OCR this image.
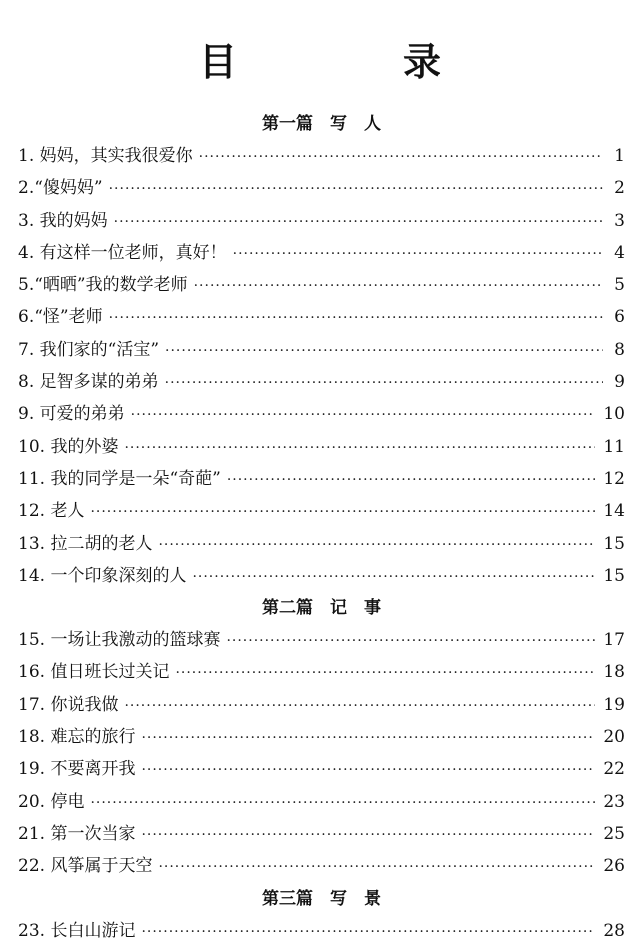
目　录
第一篇　写　人
1. 妈妈，其实我很爱你 ·····	1
2.“傻妈妈” ·····	2
3. 我的妈妈 ·····	3
4. 有这样一位老师，真好！ ·····	4
5.“晒晒”我的数学老师 ·····	5
6.“怪”老师 ·····	6
7. 我们家的“活宝” ·····	8
8. 足智多谋的弟弟 ·····	9
9. 可爱的弟弟 ·····	10
10. 我的外婆 ·····	11
11. 我的同学是一朵“奇葩” ·····	12
12. 老人 ·····	14
13. 拉二胡的老人 ·····	15
14. 一个印象深刻的人 ·····	15
第二篇　记　事
15. 一场让我激动的篮球赛 ·····	17
16. 值日班长过关记 ·····	18
17. 你说我做 ·····	19
18. 难忘的旅行 ·····	20
19. 不要离开我 ·····	22
20. 停电 ·····	23
21. 第一次当家 ·····	25
22. 风筝属于天空 ·····	26
第三篇　写　景
23. 长白山游记 ·····	28
